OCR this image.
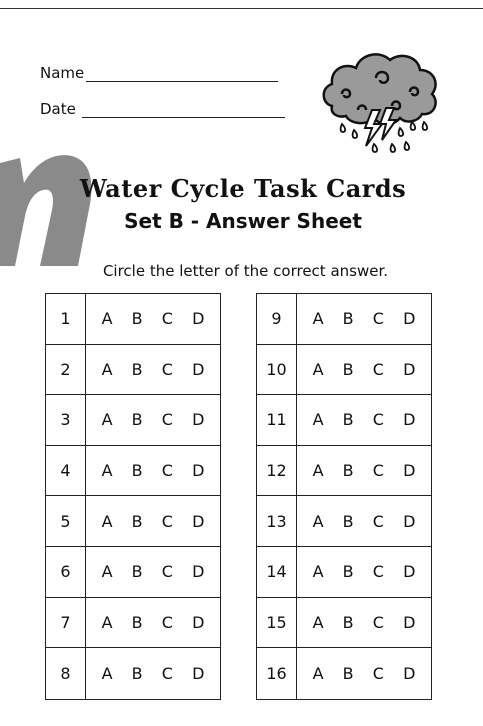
Name
Date
Water Cycle Task Cards
Set B - Answer Sheet
Circle the letter of the correct answer.
1	A B C D
2	A B C D
3	A B C D
4	A B C D
5	A B C D
6	A B C D
7	A B C D
8	A B C D
9	A B C D
10	A B C D
11	A B C D
12	A B C D
13	A B C D
14	A B C D
15	A B C D
16	A B C D
